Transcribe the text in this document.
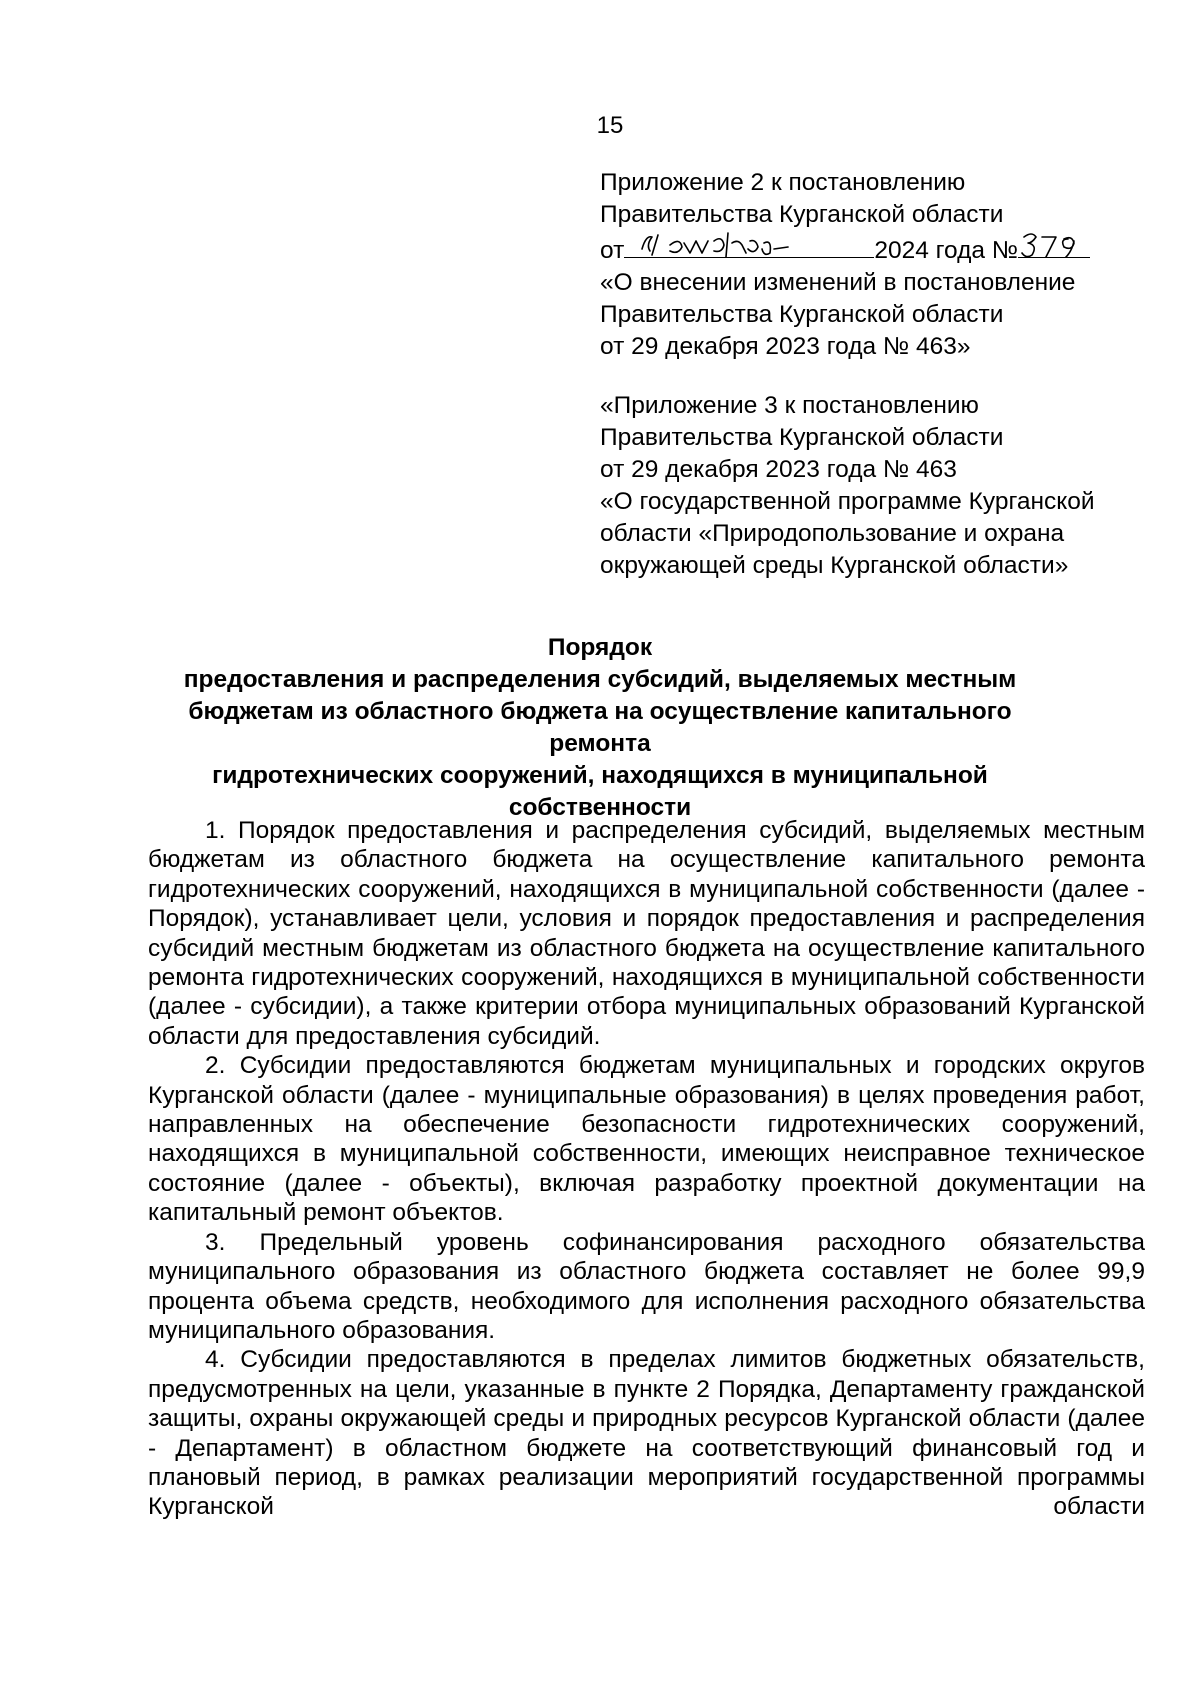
15

Приложение 2 к постановлению

Правительства Курганской области

от	2024 года №

«О внесении изменений в постановление

Правительства Курганской области

от 29 декабря 2023 года № 463»

«Приложение 3 к постановлению

Правительства Курганской области

от 29 декабря 2023 года № 463

«О государственной программе Курганской

области «Природопользование и охрана

окружающей среды Курганской области»

Порядок

предоставления и распределения субсидий, выделяемых местным

бюджетам из областного бюджета на осуществление капитального ремонта

гидротехнических сооружений, находящихся в муниципальной

собственности

1. Порядок предоставления и распределения субсидий, выделяемых местным бюджетам из областного бюджета на осуществление капитального ремонта гидротехнических сооружений, находящихся в муниципальной собственности (далее - Порядок), устанавливает цели, условия и порядок предоставления и распределения субсидий местным бюджетам из областного бюджета на осуществление капитального ремонта гидротехнических сооружений, находящихся в муниципальной собственности (далее - субсидии), а также критерии отбора муниципальных образований Курганской области для предоставления субсидий.

2. Субсидии предоставляются бюджетам муниципальных и городских округов Курганской области (далее - муниципальные образования) в целях проведения работ, направленных на обеспечение безопасности гидротехнических сооружений, находящихся в муниципальной собственности, имеющих неисправное техническое состояние (далее - объекты), включая разработку проектной документации на капитальный ремонт объектов.

3. Предельный уровень софинансирования расходного обязательства муниципального образования из областного бюджета составляет не более 99,9 процента объема средств, необходимого для исполнения расходного обязательства муниципального образования.

4. Субсидии предоставляются в пределах лимитов бюджетных обязательств, предусмотренных на цели, указанные в пункте 2 Порядка, Департаменту гражданской защиты, охраны окружающей среды и природных ресурсов Курганской области (далее - Департамент) в областном бюджете на соответствующий финансовый год и плановый период, в рамках реализации мероприятий государственной программы Курганской области
